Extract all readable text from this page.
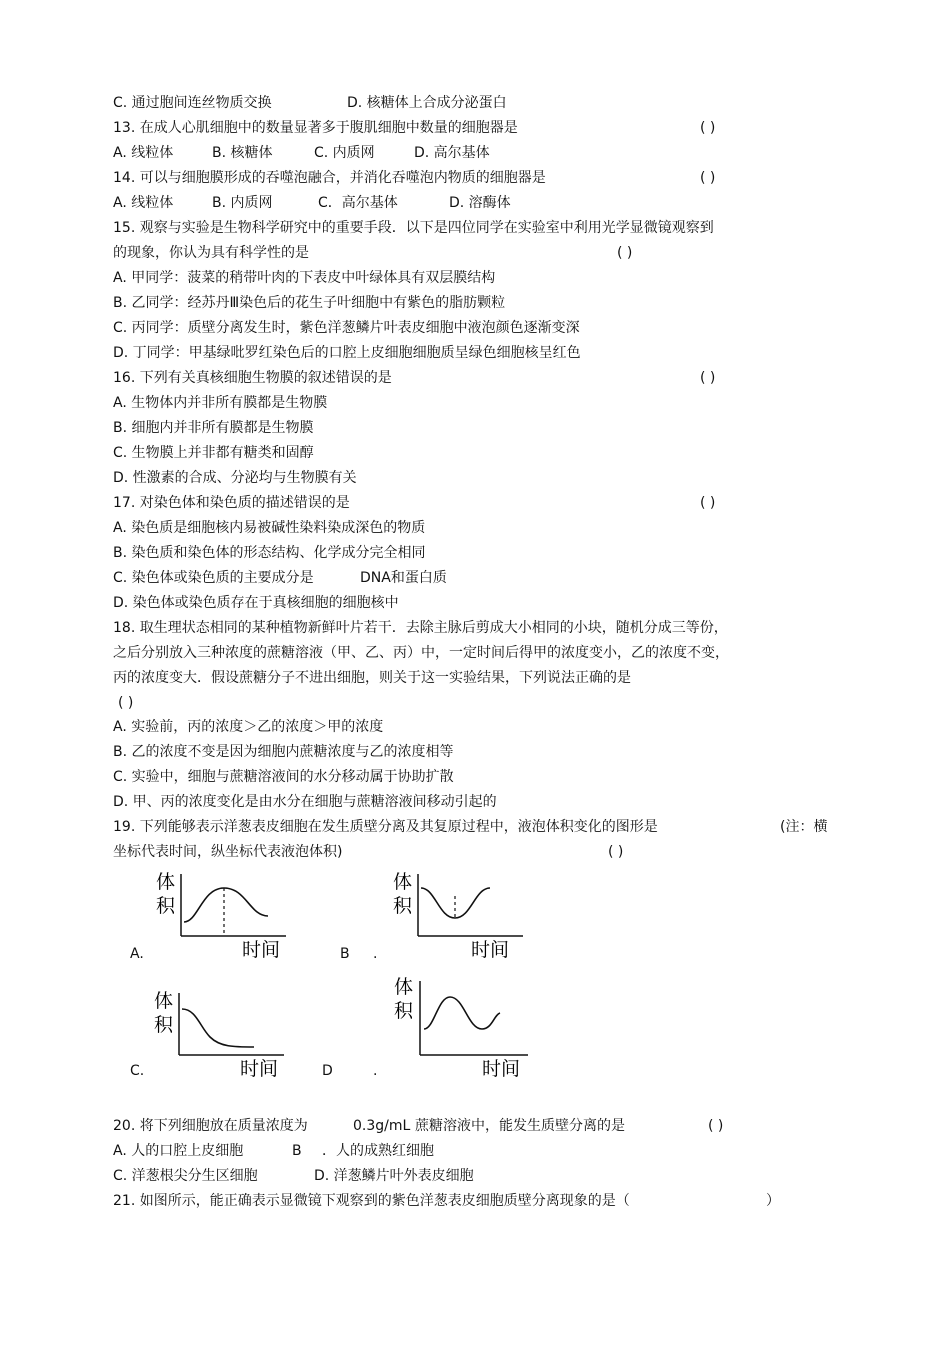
C. 通过胞间连丝物质交换	D. 核糖体上合成分泌蛋白
13. 在成人心肌细胞中的数量显著多于腹肌细胞中数量的细胞器是	( )
A. 线粒体	B. 核糖体	C. 内质网	D. 高尔基体
14. 可以与细胞膜形成的吞噬泡融合，并消化吞噬泡内物质的细胞器是	( )
A. 线粒体	B. 内质网	C．高尔基体	D. 溶酶体
15. 观察与实验是生物科学研究中的重要手段．以下是四位同学在实验室中利用光学显微镜观察到
的现象，你认为具有科学性的是	( )
A. 甲同学：菠菜的稍带叶肉的下表皮中叶绿体具有双层膜结构
B. 乙同学：经苏丹Ⅲ染色后的花生子叶细胞中有紫色的脂肪颗粒
C. 丙同学：质壁分离发生时，紫色洋葱鳞片叶表皮细胞中液泡颜色逐渐变深
D. 丁同学：甲基绿吡罗红染色后的口腔上皮细胞细胞质呈绿色细胞核呈红色
16. 下列有关真核细胞生物膜的叙述错误的是	( )
A. 生物体内并非所有膜都是生物膜
B. 细胞内并非所有膜都是生物膜
C. 生物膜上并非都有糖类和固醇
D. 性激素的合成、分泌均与生物膜有关
17. 对染色体和染色质的描述错误的是	( )
A. 染色质是细胞核内易被碱性染料染成深色的物质
B. 染色质和染色体的形态结构、化学成分完全相同
C. 染色体或染色质的主要成分是	DNA和蛋白质
D. 染色体或染色质存在于真核细胞的细胞核中
18. 取生理状态相同的某种植物新鲜叶片若干．去除主脉后剪成大小相同的小块，随机分成三等份，
之后分别放入三种浓度的蔗糖溶液（甲、乙、丙）中，一定时间后得甲的浓度变小，乙的浓度不变，
丙的浓度变大．假设蔗糖分子不进出细胞，则关于这一实验结果，下列说法正确的是
( )
A. 实验前，丙的浓度＞乙的浓度＞甲的浓度
B. 乙的浓度不变是因为细胞内蔗糖浓度与乙的浓度相等
C. 实验中，细胞与蔗糖溶液间的水分移动属于协助扩散
D. 甲、丙的浓度变化是由水分在细胞与蔗糖溶液间移动引起的
19. 下列能够表示洋葱表皮细胞在发生质壁分离及其复原过程中，液泡体积变化的图形是	(注：横
坐标代表时间，纵坐标代表液泡体积)	( )
体
积
时间
A.
体
积
时间
B .
体
积
时间
C.
体
积
时间
D	.
20. 将下列细胞放在质量浓度为	0.3g/mL 蔗糖溶液中，能发生质壁分离的是	( )
A. 人的口腔上皮细胞	B ．人的成熟红细胞
C. 洋葱根尖分生区细胞	D. 洋葱鳞片叶外表皮细胞
21. 如图所示，能正确表示显微镜下观察到的紫色洋葱表皮细胞质壁分离现象的是（	）
